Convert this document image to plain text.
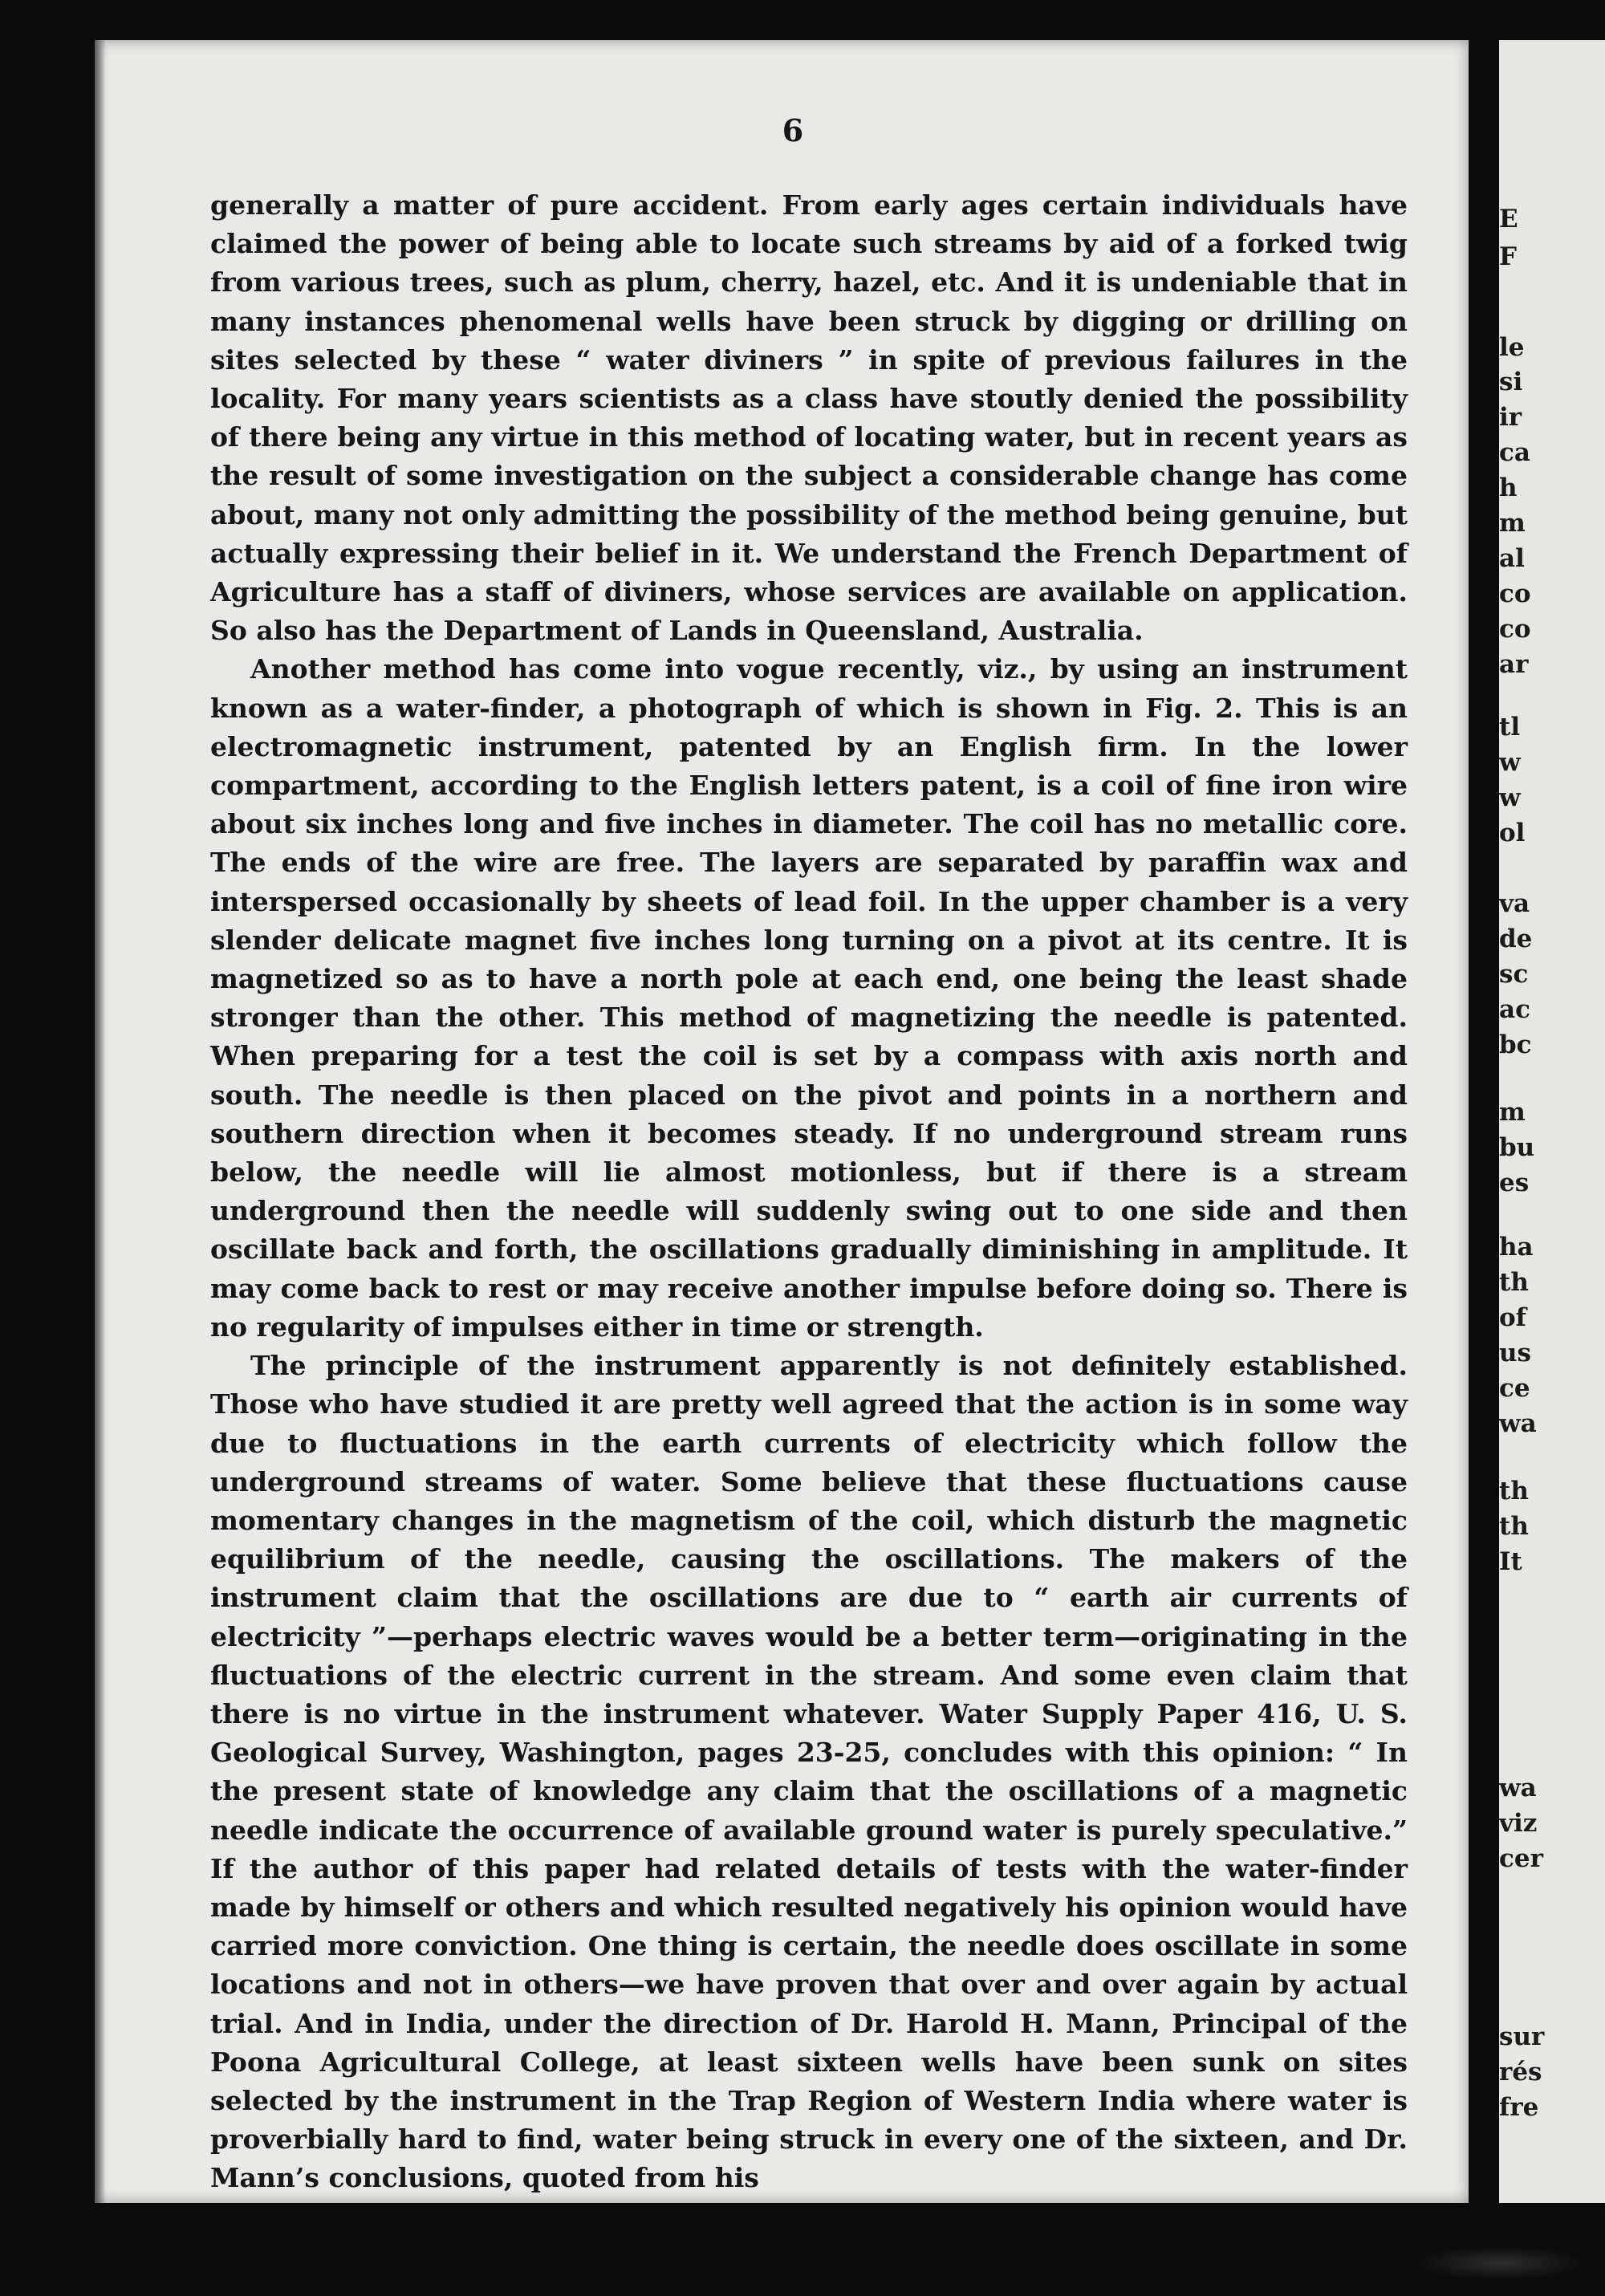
6

generally a matter of pure accident. From early ages certain individuals have claimed the power of being able to locate such streams by aid of a forked twig from various trees, such as plum, cherry, hazel, etc. And it is undeniable that in many instances phenomenal wells have been struck by digging or drilling on sites selected by these “ water diviners ” in spite of previous failures in the locality. For many years scientists as a class have stoutly denied the possibility of there being any virtue in this method of locating water, but in recent years as the result of some investigation on the subject a considerable change has come about, many not only admitting the possibility of the method being genuine, but actually expressing their belief in it. We understand the French Department of Agriculture has a staff of diviners, whose services are available on application. So also has the Department of Lands in Queensland, Australia.

Another method has come into vogue recently, viz., by using an instrument known as a water-finder, a photograph of which is shown in Fig. 2. This is an electromagnetic instrument, patented by an English firm. In the lower compartment, according to the English letters patent, is a coil of fine iron wire about six inches long and five inches in diameter. The coil has no metallic core. The ends of the wire are free. The layers are separated by paraffin wax and interspersed occasionally by sheets of lead foil. In the upper chamber is a very slender delicate magnet five inches long turning on a pivot at its centre. It is magnetized so as to have a north pole at each end, one being the least shade stronger than the other. This method of magnetizing the needle is patented. When preparing for a test the coil is set by a compass with axis north and south. The needle is then placed on the pivot and points in a northern and southern direction when it becomes steady. If no underground stream runs below, the needle will lie almost motionless, but if there is a stream underground then the needle will suddenly swing out to one side and then oscillate back and forth, the oscillations gradually diminishing in amplitude. It may come back to rest or may receive another impulse before doing so. There is no regularity of impulses either in time or strength.

The principle of the instrument apparently is not definitely established. Those who have studied it are pretty well agreed that the action is in some way due to fluctuations in the earth currents of electricity which follow the underground streams of water. Some believe that these fluctuations cause momentary changes in the magnetism of the coil, which disturb the magnetic equilibrium of the needle, causing the oscillations. The makers of the instrument claim that the oscillations are due to “ earth air currents of electricity ”—perhaps electric waves would be a better term—originating in the fluctuations of the electric current in the stream. And some even claim that there is no virtue in the instrument whatever. Water Supply Paper 416, U. S. Geological Survey, Washington, pages 23-25, concludes with this opinion: “ In the present state of knowledge any claim that the oscillations of a magnetic needle indicate the occurrence of available ground water is purely speculative.” If the author of this paper had related details of tests with the water-finder made by himself or others and which resulted negatively his opinion would have carried more conviction. One thing is certain, the needle does oscillate in some locations and not in others—we have proven that over and over again by actual trial. And in India, under the direction of Dr. Harold H. Mann, Principal of the Poona Agricultural College, at least sixteen wells have been sunk on sites selected by the instrument in the Trap Region of Western India where water is proverbially hard to find, water being struck in every one of the sixteen, and Dr. Mann’s conclusions, quoted from his

E
F
le
si
ir
ca
h
m
al
co
co
ar
tl
w
w
ol
va
de
sc
ac
bc
m
bu
es
ha
th
of
us
ce
wa
th
th
It
wa
viz
cer
sur
rés
fre
